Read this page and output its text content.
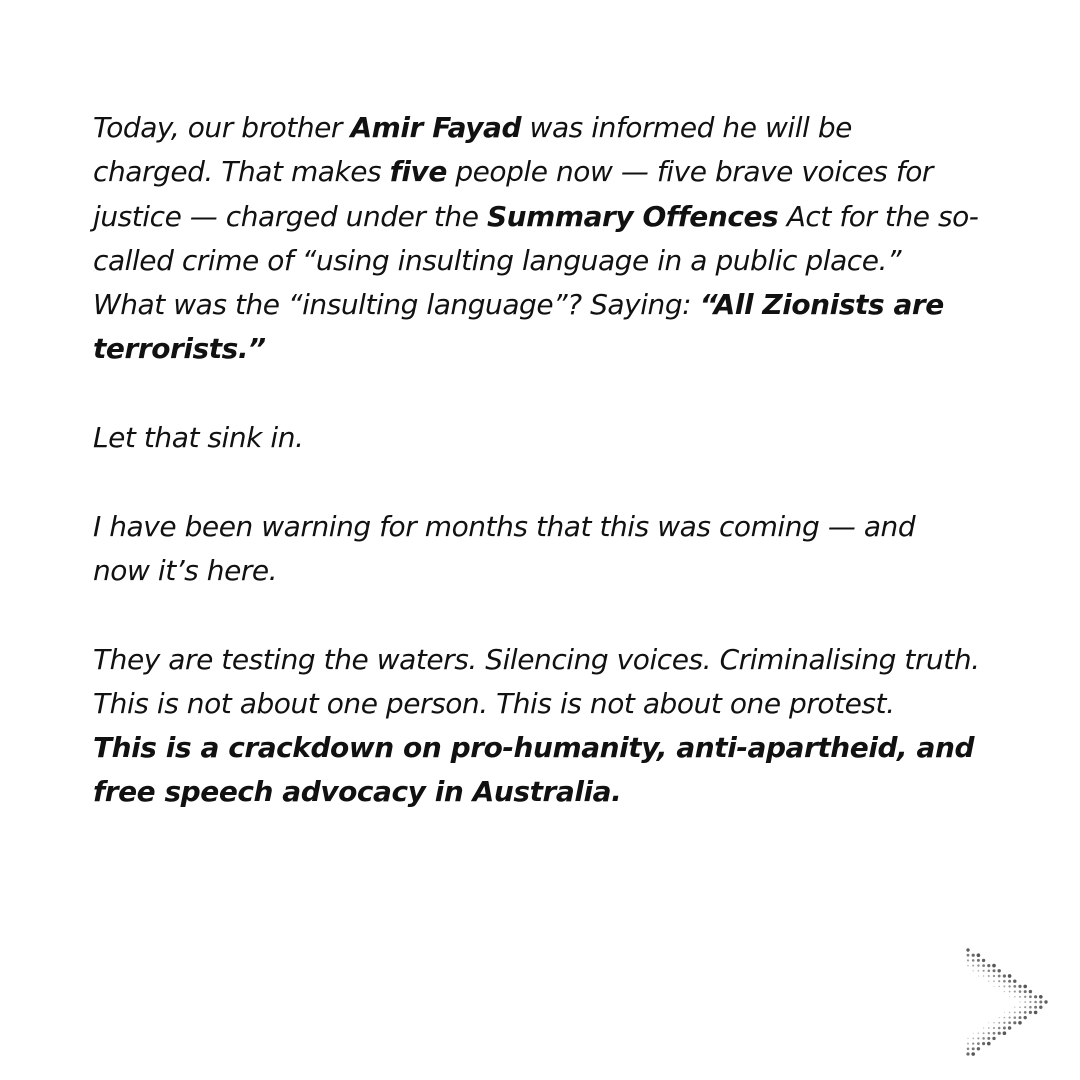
Today, our brother Amir Fayad was informed he will be
charged. That makes five people now — five brave voices for
justice — charged under the Summary Offences Act for the so-
called crime of “using insulting language in a public place.”
What was the “insulting language”? Saying: “All Zionists are
terrorists.”

Let that sink in.

I have been warning for months that this was coming — and
now it’s here.

They are testing the waters. Silencing voices. Criminalising truth.
This is not about one person. This is not about one protest.
This is a crackdown on pro-humanity, anti-apartheid, and
free speech advocacy in Australia.
